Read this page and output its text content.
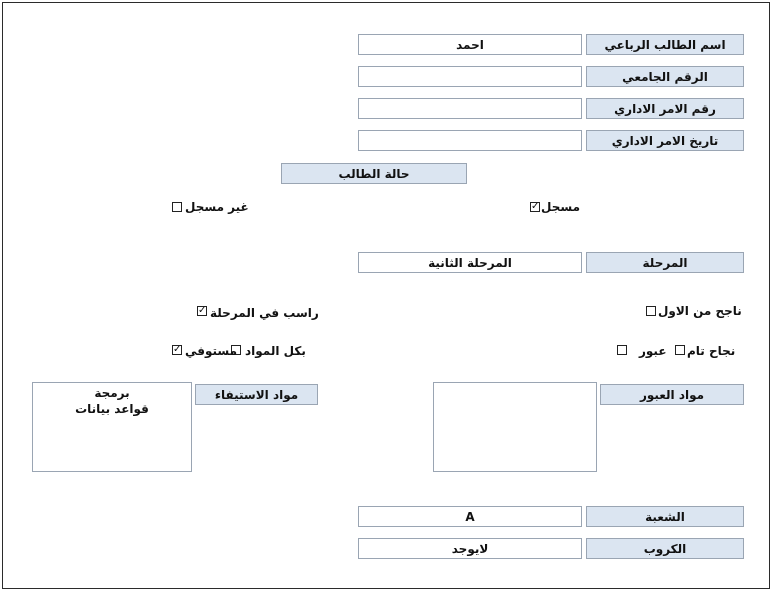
اسم الطالب الرباعي
احمد
الرقم الجامعي
رقم الامر الاداري
تاريخ الامر الاداري
حالة الطالب
✓ مسجل
غير مسجل
المرحلة
المرحلة الثانية
ناجح من الاول
✓ راسب في المرحلة
نجاح تام
عبور
بكل المواد
مستوفي
✓
مواد العبور
مواد الاستيفاء
برمجة
قواعد بيانات
الشعبة
A
الكروب
لايوجد
